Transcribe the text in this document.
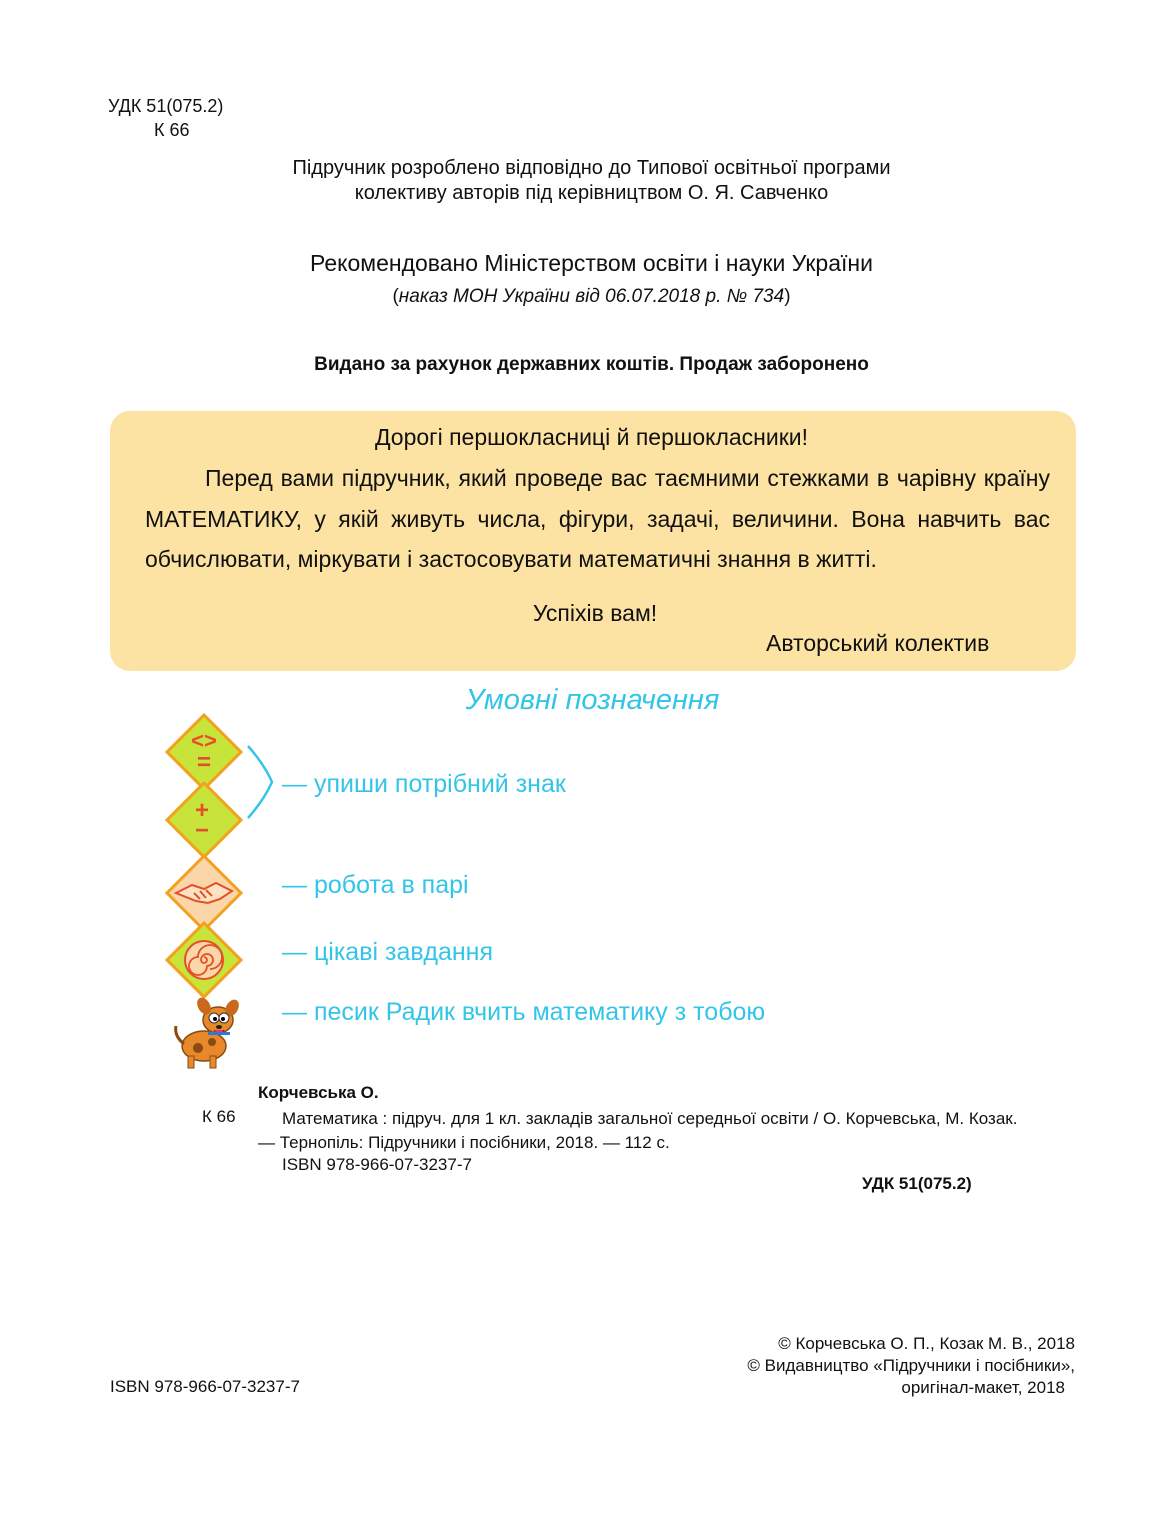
УДК 51(075.2)
К 66
Підручник розроблено відповідно до Типової освітньої програми
колективу авторів під керівництвом О. Я. Савченко
Рекомендовано Міністерством освіти і науки України
(наказ МОН України від 06.07.2018 р. № 734)
Видано за рахунок державних коштів. Продаж заборонено
Дорогі першокласниці й першокласники!
Перед вами підручник, який проведе вас таємними стежками в чарівну країну МАТЕМАТИКУ, у якій живуть числа, фігури, задачі, величини. Вона навчить вас обчислювати, міркувати і застосовувати математичні знання в житті.
Успіхів вам!
Авторський колектив
Умовні позначення
<>
=
+
−
— упиши потрібний знак
— робота в парі
— цікаві завдання
— песик Радик вчить математику з тобою
Корчевська О.
К 66	Математика : підруч. для 1 кл. закладів загальної середньої освіти / О. Корчевська, М. Козак. — Тернопіль: Підручники і посібники, 2018. — 112 с.
ISBN 978-966-07-3237-7
УДК 51(075.2)
© Корчевська О. П., Козак М. В., 2018
© Видавництво «Підручники і посібники»,
оригінал-макет, 2018
ISBN 978-966-07-3237-7
